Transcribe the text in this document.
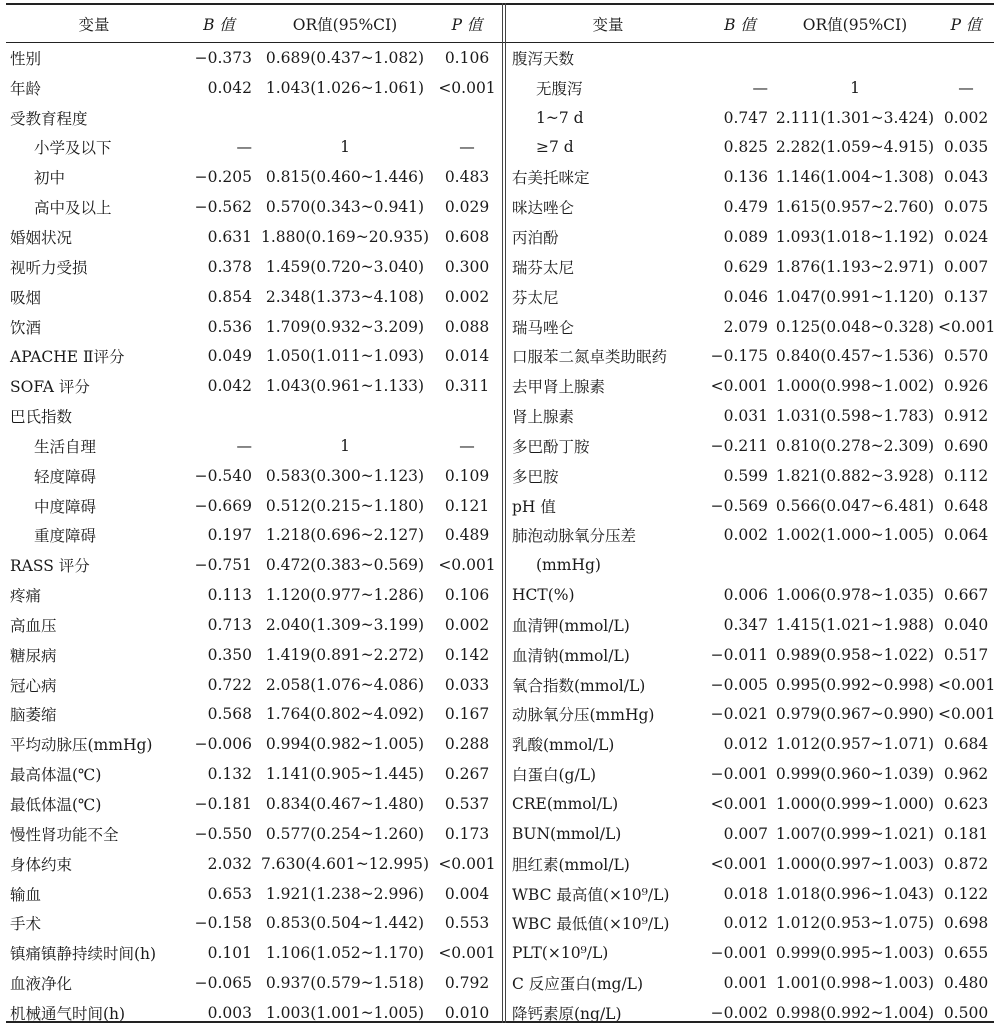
变量	B 值	OR值(95%CI)	P 值
性别	−0.373	0.689(0.437~1.082)	0.106
年龄	0.042	1.043(1.026~1.061)	<0.001
受教育程度			
小学及以下	—	1	—
初中	−0.205	0.815(0.460~1.446)	0.483
高中及以上	−0.562	0.570(0.343~0.941)	0.029
婚姻状况	0.631	1.880(0.169~20.935)	0.608
视听力受损	0.378	1.459(0.720~3.040)	0.300
吸烟	0.854	2.348(1.373~4.108)	0.002
饮酒	0.536	1.709(0.932~3.209)	0.088
APACHE Ⅱ评分	0.049	1.050(1.011~1.093)	0.014
SOFA 评分	0.042	1.043(0.961~1.133)	0.311
巴氏指数			
生活自理	—	1	—
轻度障碍	−0.540	0.583(0.300~1.123)	0.109
中度障碍	−0.669	0.512(0.215~1.180)	0.121
重度障碍	0.197	1.218(0.696~2.127)	0.489
RASS 评分	−0.751	0.472(0.383~0.569)	<0.001
疼痛	0.113	1.120(0.977~1.286)	0.106
高血压	0.713	2.040(1.309~3.199)	0.002
糖尿病	0.350	1.419(0.891~2.272)	0.142
冠心病	0.722	2.058(1.076~4.086)	0.033
脑萎缩	0.568	1.764(0.802~4.092)	0.167
平均动脉压(mmHg)	−0.006	0.994(0.982~1.005)	0.288
最高体温(℃)	0.132	1.141(0.905~1.445)	0.267
最低体温(℃)	−0.181	0.834(0.467~1.480)	0.537
慢性肾功能不全	−0.550	0.577(0.254~1.260)	0.173
身体约束	2.032	7.630(4.601~12.995)	<0.001
输血	0.653	1.921(1.238~2.996)	0.004
手术	−0.158	0.853(0.504~1.442)	0.553
镇痛镇静持续时间(h)	0.101	1.106(1.052~1.170)	<0.001
血液净化	−0.065	0.937(0.579~1.518)	0.792
机械通气时间(h)	0.003	1.003(1.001~1.005)	0.010
变量	B 值	OR值(95%CI)	P 值
腹泻天数			
无腹泻	—	1	—
1~7 d	0.747	2.111(1.301~3.424)	0.002
≥7 d	0.825	2.282(1.059~4.915)	0.035
右美托咪定	0.136	1.146(1.004~1.308)	0.043
咪达唑仑	0.479	1.615(0.957~2.760)	0.075
丙泊酚	0.089	1.093(1.018~1.192)	0.024
瑞芬太尼	0.629	1.876(1.193~2.971)	0.007
芬太尼	0.046	1.047(0.991~1.120)	0.137
瑞马唑仑	2.079	0.125(0.048~0.328)	<0.001
口服苯二氮卓类助眠药	−0.175	0.840(0.457~1.536)	0.570
去甲肾上腺素	<0.001	1.000(0.998~1.002)	0.926
肾上腺素	0.031	1.031(0.598~1.783)	0.912
多巴酚丁胺	−0.211	0.810(0.278~2.309)	0.690
多巴胺	0.599	1.821(0.882~3.928)	0.112
pH 值	−0.569	0.566(0.047~6.481)	0.648
肺泡动脉氧分压差	0.002	1.002(1.000~1.005)	0.064
(mmHg)			
HCT(%)	0.006	1.006(0.978~1.035)	0.667
血清钾(mmol/L)	0.347	1.415(1.021~1.988)	0.040
血清钠(mmol/L)	−0.011	0.989(0.958~1.022)	0.517
氧合指数(mmol/L)	−0.005	0.995(0.992~0.998)	<0.001
动脉氧分压(mmHg)	−0.021	0.979(0.967~0.990)	<0.001
乳酸(mmol/L)	0.012	1.012(0.957~1.071)	0.684
白蛋白(g/L)	−0.001	0.999(0.960~1.039)	0.962
CRE(mmol/L)	<0.001	1.000(0.999~1.000)	0.623
BUN(mmol/L)	0.007	1.007(0.999~1.021)	0.181
胆红素(mmol/L)	<0.001	1.000(0.997~1.003)	0.872
WBC 最高值(×10⁹/L)	0.018	1.018(0.996~1.043)	0.122
WBC 最低值(×10⁹/L)	0.012	1.012(0.953~1.075)	0.698
PLT(×10⁹/L)	−0.001	0.999(0.995~1.003)	0.655
C 反应蛋白(mg/L)	0.001	1.001(0.998~1.003)	0.480
降钙素原(ng/L)	−0.002	0.998(0.992~1.004)	0.500
